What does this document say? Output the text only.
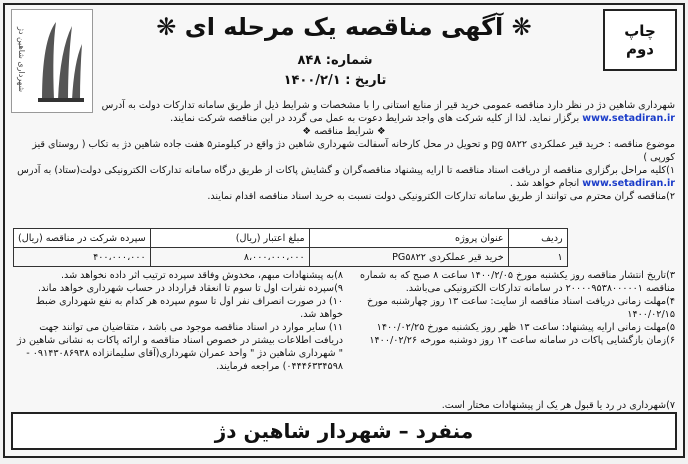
شهرداری شاهین دژ
❋ آگهی مناقصه یک مرحله ای ❋
شماره: ۸۴۸
تاریخ : ۱۴۰۰/۲/۱
چاپ
دوم

شهرداری شاهین دژ در نظر دارد مناقصه عمومی خرید قیر از منابع استانی را با مشخصات و شرایط ذیل از طریق سامانه تدارکات دولت به آدرس www.setadiran.ir برگزار نماید. لذا از کلیه شرکت های واجد شرایط دعوت به عمل می گردد در این مناقصه شرکت نمایند.

❖ شرایط مناقصه ❖

موضوع مناقصه : خرید قیر عملکردی pg ۵۸۲۲ و تحویل در محل کارخانه آسفالت شهرداری شاهین دژ واقع در کیلومتر۵ هفت جاده شاهین دژ به تکاب ( روستای قیز کورپی )

۱)کلیه مراحل برگزاری مناقصه از دریافت اسناد مناقصه تا ارایه پیشنهاد مناقصه‌گران و گشایش پاکات از طریق درگاه سامانه تدارکات الکترونیکی دولت(ستاد) به آدرس www.setadiran.ir انجام خواهد شد .

۲)مناقصه گران محترم می توانند از طریق سامانه تدارکات الکترونیکی دولت نسبت به خرید اسناد مناقصه اقدام نمایند.

ردیف	عنوان پروژه	مبلغ اعتبار (ریال)	سپرده شرکت در مناقصه (ریال)
۱	خرید قیر عملکردی PG۵۸۲۲	۸،۰۰۰،۰۰۰،۰۰۰	۴۰۰،۰۰۰،۰۰۰

۳)تاریخ انتشار مناقصه روز یکشنبه مورخ ۱۴۰۰/۲/۰۵ ساعت ۸ صبح که به شماره مناقصه ۲۰۰۰۰۹۵۳۸۰۰۰۰۰۱ در سامانه تدارکات الکترونیکی می‌باشد.

۴)مهلت زمانی دریافت اسناد مناقصه از سایت: ساعت ۱۳ روز چهارشنبه مورخ ۱۴۰۰/۰۲/۱۵

۵)مهلت زمانی ارایه پیشنهاد: ساعت ۱۳ ظهر روز یکشنبه مورخ ۱۴۰۰/۰۲/۲۵

۶)زمان بازگشایی پاکات در سامانه ساعت ۱۳ روز دوشنبه مورخه ۱۴۰۰/۰۲/۲۶

۸)به پیشنهادات مبهم، مخدوش وفاقد سپرده ترتیب اثر داده نخواهد شد.

۹)سپرده نفرات اول تا سوم تا انعقاد قرارداد در حساب شهرداری خواهد ماند.

۱۰) در صورت انصراف نفر اول تا سوم سپرده هر کدام به نفع شهرداری ضبط خواهد شد.

۱۱) سایر موارد در اسناد مناقصه موجود می باشد ، متقاضیان می توانند جهت دریافت اطلاعات بیشتر در خصوص اسناد مناقصه و ارائه پاکات به نشانی شاهین دژ " شهرداری شاهین دژ " واحد عمران شهرداری(آقای سلیمانزاده ۰۹۱۴۳۰۸۶۹۳۸ - ۰۴۴۴۶۳۳۴۵۹۸) مراجعه فرمایند.

۷)شهرداری در رد یا قبول هر یک از پیشنهادات مختار است.
منفرد – شهردار شاهین دژ
